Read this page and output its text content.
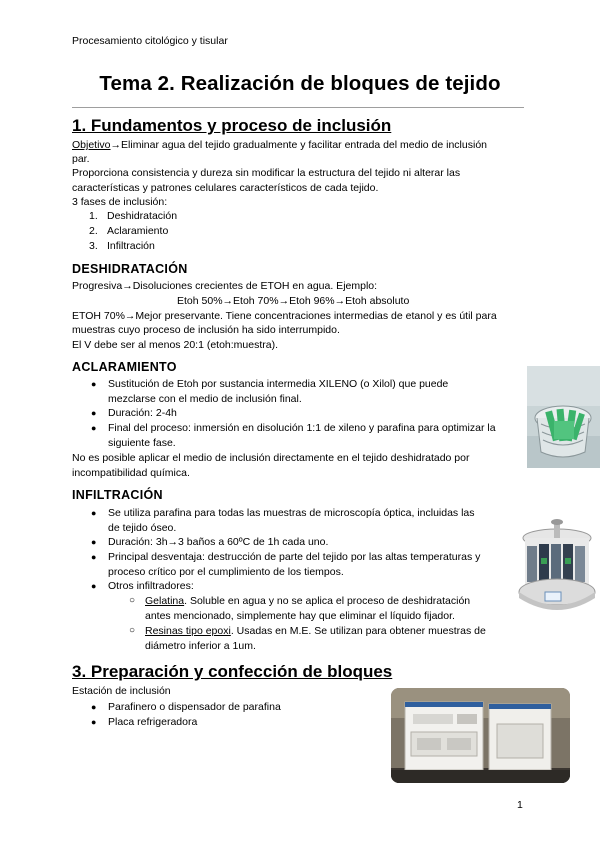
Procesamiento citológico y tisular
Tema 2. Realización de bloques de tejido
1. Fundamentos y proceso de inclusión
Objetivo→Eliminar agua del tejido gradualmente y facilitar entrada del medio de inclusión
par.
Proporciona consistencia y dureza sin modificar la estructura del tejido ni alterar las
características y patrones celulares característicos de cada tejido.
3 fases de inclusión:
1. Deshidratación
2. Aclaramiento
3. Infiltración
DESHIDRATACIÓN
Progresiva→Disoluciones crecientes de ETOH en agua. Ejemplo:
Etoh 50%→Etoh 70%→Etoh 96%→Etoh absoluto
ETOH 70%→Mejor preservante. Tiene concentraciones intermedias de etanol y es útil para
muestras cuyo proceso de inclusión ha sido interrumpido.
El V debe ser al menos 20:1 (etoh:muestra).
ACLARAMIENTO
● Sustitución de Etoh por sustancia intermedia XILENO (o Xilol) que puede
mezclarse con el medio de inclusión final.
● Duración: 2-4h
● Final del proceso: inmersión en disolución 1:1 de xileno y parafina para optimizar la
siguiente fase.
No es posible aplicar el medio de inclusión directamente en el tejido deshidratado por
incompatibilidad química.
INFILTRACIÓN
● Se utiliza parafina para todas las muestras de microscopía óptica, incluidas las
de tejido óseo.
● Duración: 3h→3 baños a 60ºC de 1h cada uno.
● Principal desventaja: destrucción de parte del tejido por las altas temperaturas y
proceso crítico por el cumplimiento de los tiempos.
● Otros infiltradores:
○ Gelatina. Soluble en agua y no se aplica el proceso de deshidratación
antes mencionado, simplemente hay que eliminar el líquido fijador.
○ Resinas tipo epoxi. Usadas en M.E. Se utilizan para obtener muestras de
diámetro inferior a 1um.
3. Preparación y confección de bloques
Estación de inclusión
● Parafinero o dispensador de parafina
● Placa refrigeradora
1
